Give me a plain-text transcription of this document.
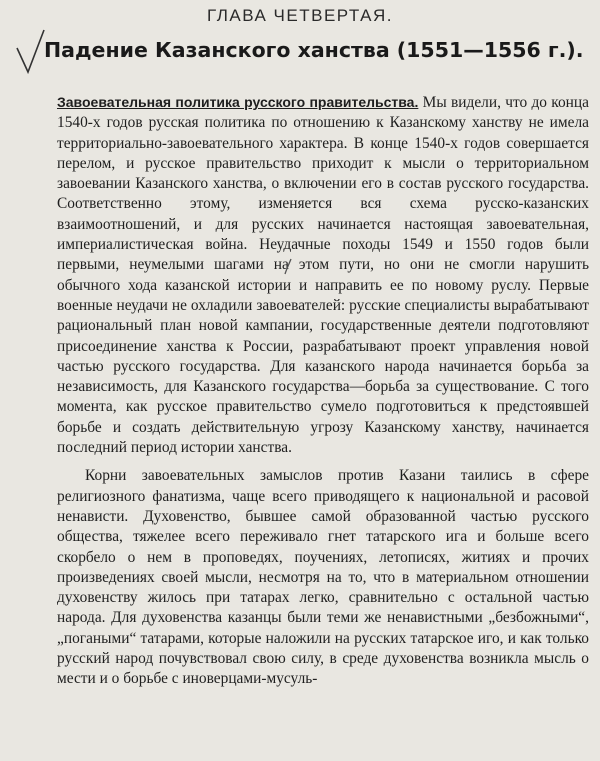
ГЛАВА ЧЕТВЕРТАЯ.
Падение Казанского ханства (1551—1556 г.).

Завоевательная политика русского правительства. Мы видели, что до конца 1540-х годов русская политика по отношению к Казанскому ханству не имела территориально-завоевательного характера. В конце 1540-х годов совершается перелом, и русское правительство приходит к мысли о территориальном завоевании Казанского ханства, о включении его в состав русского государства. Соответственно этому, изменяется вся схема русско-казанских взаимоотношений, и для русских начинается настоящая завоевательная, империалистическая война. Неудачные походы 1549 и 1550 годов были первыми, неумелыми шагами на этом пути, но они не смогли нарушить обычного хода казанской истории и направить ее по новому руслу. Первые военные неудачи не охладили завоевателей: русские специалисты вырабатывают рациональный план новой кампании, государственные деятели подготовляют присоединение ханства к России, разрабатывают проект управления новой частью русского государства. Для казанского народа начинается борьба за независимость, для Казанского государства—борьба за существование. С того момента, как русское правительство сумело подготовиться к предстоявшей борьбе и создать действительную угрозу Казанскому ханству, начинается последний период истории ханства.

Корни завоевательных замыслов против Казани таились в сфере религиозного фанатизма, чаще всего приводящего к национальной и расовой ненависти. Духовенство, бывшее самой образованной частью русского общества, тяжелее всего переживало гнет татарского ига и больше всего скорбело о нем в проповедях, поучениях, летописях, житиях и прочих произведениях своей мысли, несмотря на то, что в материальном отношении духовенству жилось при татарах легко, сравнительно с остальной частью народа. Для духовенства казанцы были теми же ненавистными „безбожными“, „погаными“ татарами, которые наложили на русских татарское иго, и как только русский народ почувствовал свою силу, в среде духовенства возникла мысль о мести и о борьбе с иноверцами-мусуль-
